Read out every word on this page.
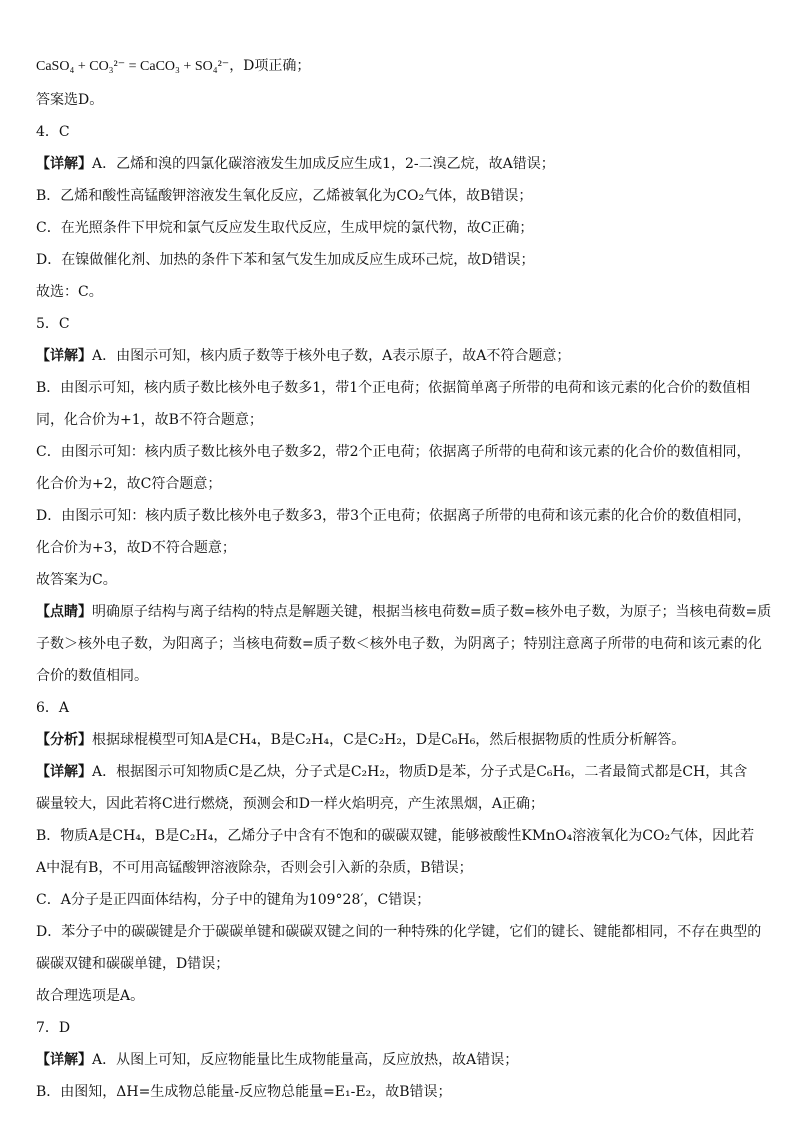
CaSO₄ + CO₃²⁻ = CaCO₃ + SO₄²⁻，D项正确；
答案选D。
4．C
【详解】A．乙烯和溴的四氯化碳溶液发生加成反应生成1，2-二溴乙烷，故A错误；
B．乙烯和酸性高锰酸钾溶液发生氧化反应，乙烯被氧化为CO₂气体，故B错误；
C．在光照条件下甲烷和氯气反应发生取代反应，生成甲烷的氯代物，故C正确；
D．在镍做催化剂、加热的条件下苯和氢气发生加成反应生成环己烷，故D错误；
故选：C。
5．C
【详解】A．由图示可知，核内质子数等于核外电子数，A表示原子，故A不符合题意；
B．由图示可知，核内质子数比核外电子数多1，带1个正电荷；依据简单离子所带的电荷和该元素的化合价的数值相
同，化合价为+1，故B不符合题意；
C．由图示可知：核内质子数比核外电子数多2，带2个正电荷；依据离子所带的电荷和该元素的化合价的数值相同，
化合价为+2，故C符合题意；
D．由图示可知：核内质子数比核外电子数多3，带3个正电荷；依据离子所带的电荷和该元素的化合价的数值相同，
化合价为+3，故D不符合题意；
故答案为C。
【点睛】明确原子结构与离子结构的特点是解题关键，根据当核电荷数=质子数=核外电子数，为原子；当核电荷数=质
子数＞核外电子数，为阳离子；当核电荷数=质子数＜核外电子数，为阴离子；特别注意离子所带的电荷和该元素的化
合价的数值相同。
6．A
【分析】根据球棍模型可知A是CH₄，B是C₂H₄，C是C₂H₂，D是C₆H₆，然后根据物质的性质分析解答。
【详解】A．根据图示可知物质C是乙炔，分子式是C₂H₂，物质D是苯，分子式是C₆H₆，二者最简式都是CH，其含
碳量较大，因此若将C进行燃烧，预测会和D一样火焰明亮，产生浓黑烟，A正确；
B．物质A是CH₄，B是C₂H₄，乙烯分子中含有不饱和的碳碳双键，能够被酸性KMnO₄溶液氧化为CO₂气体，因此若
A中混有B，不可用高锰酸钾溶液除杂，否则会引入新的杂质，B错误；
C．A分子是正四面体结构，分子中的键角为109°28′，C错误；
D．苯分子中的碳碳键是介于碳碳单键和碳碳双键之间的一种特殊的化学键，它们的键长、键能都相同，不存在典型的
碳碳双键和碳碳单键，D错误；
故合理选项是A。
7．D
【详解】A．从图上可知，反应物能量比生成物能量高，反应放热，故A错误；
B．由图知，ΔH=生成物总能量-反应物总能量=E₁-E₂，故B错误；
